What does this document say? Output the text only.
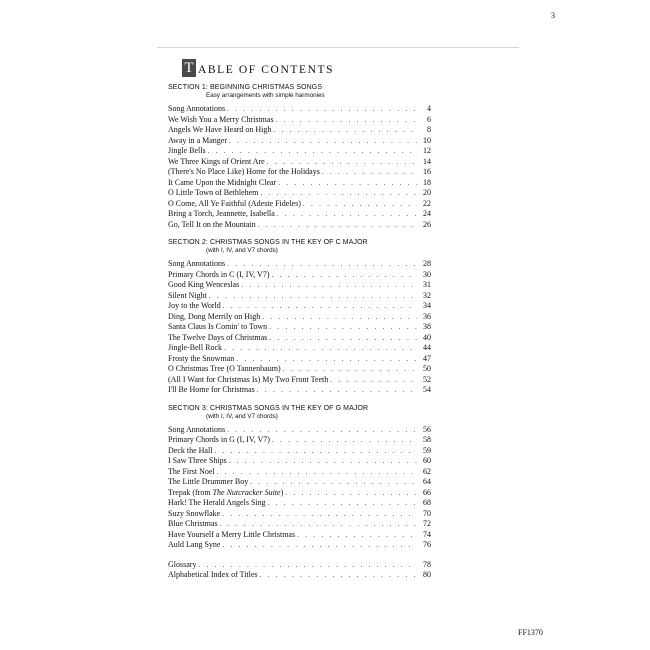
3
T ABLE OF CONTENTS
SECTION 1: BEGINNING CHRISTMAS SONGS
Easy arrangements with simple harmonies
Song Annotations . . .	4
We Wish You a Merry Christmas . . .	6
Angels We Have Heard on High . . .	8
Away in a Manger . . .	10
Jingle Bells . . .	12
We Three Kings of Orient Are . . .	14
(There's No Place Like) Home for the Holidays . . .	16
It Came Upon the Midnight Clear . . .	18
O Little Town of Bethlehem . . .	20
O Come, All Ye Faithful (Adeste Fideles) . . .	22
Bring a Torch, Jeannette, Isabella . . .	24
Go, Tell It on the Mountain . . .	26
SECTION 2: CHRISTMAS SONGS IN THE KEY OF C MAJOR
(with I, IV, and V7 chords)
Song Annotations . . .	28
Primary Chords in C (I, IV, V7) . . .	30
Good King Wenceslas . . .	31
Silent Night . . .	32
Joy to the World . . .	34
Ding, Dong Merrily on High . . .	36
Santa Claus Is Comin' to Town . . .	38
The Twelve Days of Christmas . . .	40
Jingle-Bell Rock . . .	44
Frosty the Snowman . . .	47
O Christmas Tree (O Tannenbaum) . . .	50
(All I Want for Christmas Is) My Two Front Teeth . . .	52
I'll Be Home for Christmas . . .	54
SECTION 3: CHRISTMAS SONGS IN THE KEY OF G MAJOR
(with I, IV, and V7 chords)
Song Annotations . . .	56
Primary Chords in G (I, IV, V7) . . .	58
Deck the Hall . . .	59
I Saw Three Ships . . .	60
The First Noel . . .	62
The Little Drummer Boy . . .	64
Trepak (from The Nutcracker Suite) . . .	66
Hark! The Herald Angels Sing . . .	68
Suzy Snowflake . . .	70
Blue Christmas . . .	72
Have Yourself a Merry Little Christmas . . .	74
Auld Lang Syne . . .	76
Glossary . . .	78
Alphabetical Index of Titles . . .	80
FF1370
